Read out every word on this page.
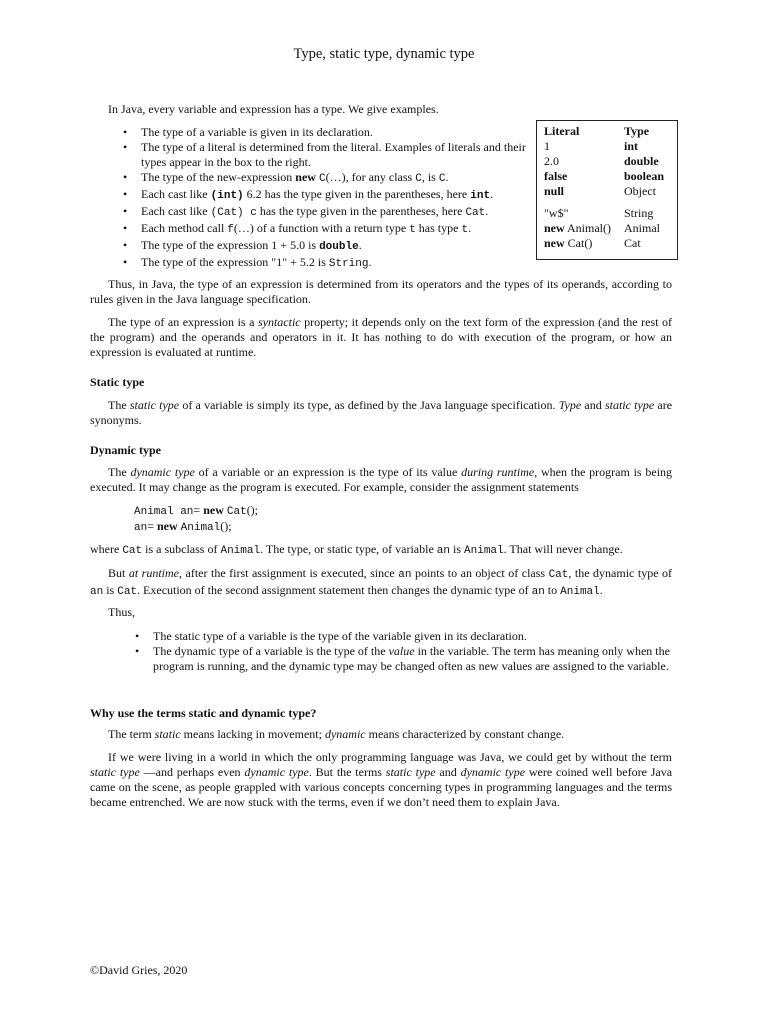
Type, static type, dynamic type

In Java, every variable and expression has a type. We give examples.

• The type of a variable is given in its declaration.
• The type of a literal is determined from the literal. Examples of literals and their types appear in the box to the right.
• The type of the new-expression new C(…), for any class C, is C.
• Each cast like (int) 6.2 has the type given in the parentheses, here int.
• Each cast like (Cat) c has the type given in the parentheses, here Cat.
• Each method call f(…) of a function with a return type t has type t.
• The type of the expression 1 + 5.0 is double.
• The type of the expression "1" + 5.2 is String.
Literal	Type
1	int
2.0	double
false	boolean
null	Object
"w$"	String
new Animal()	Animal
new Cat()	Cat

Thus, in Java, the type of an expression is determined from its operators and the types of its operands, according to rules given in the Java language specification.

The type of an expression is a syntactic property; it depends only on the text form of the expression (and the rest of the program) and the operands and operators in it. It has nothing to do with execution of the program, or how an expression is evaluated at runtime.

Static type

The static type of a variable is simply its type, as defined by the Java language specification. Type and static type are synonyms.

Dynamic type

The dynamic type of a variable or an expression is the type of its value during runtime, when the program is being executed. It may change as the program is executed. For example, consider the assignment statements

Animal an= new Cat();
an= new Animal();

where Cat is a subclass of Animal. The type, or static type, of variable an is Animal. That will never change.

But at runtime, after the first assignment is executed, since an points to an object of class Cat, the dynamic type of an is Cat. Execution of the second assignment statement then changes the dynamic type of an to Animal.

Thus,

• The static type of a variable is the type of the variable given in its declaration.
• The dynamic type of a variable is the type of the value in the variable. The term has meaning only when the program is running, and the dynamic type may be changed often as new values are assigned to the variable.
Why use the terms static and dynamic type?

The term static means lacking in movement; dynamic means characterized by constant change.

If we were living in a world in which the only programming language was Java, we could get by without the term static type —and perhaps even dynamic type. But the terms static type and dynamic type were coined well before Java came on the scene, as people grappled with various concepts concerning types in programming languages and the terms became entrenched. We are now stuck with the terms, even if we don’t need them to explain Java.

©David Gries, 2020
